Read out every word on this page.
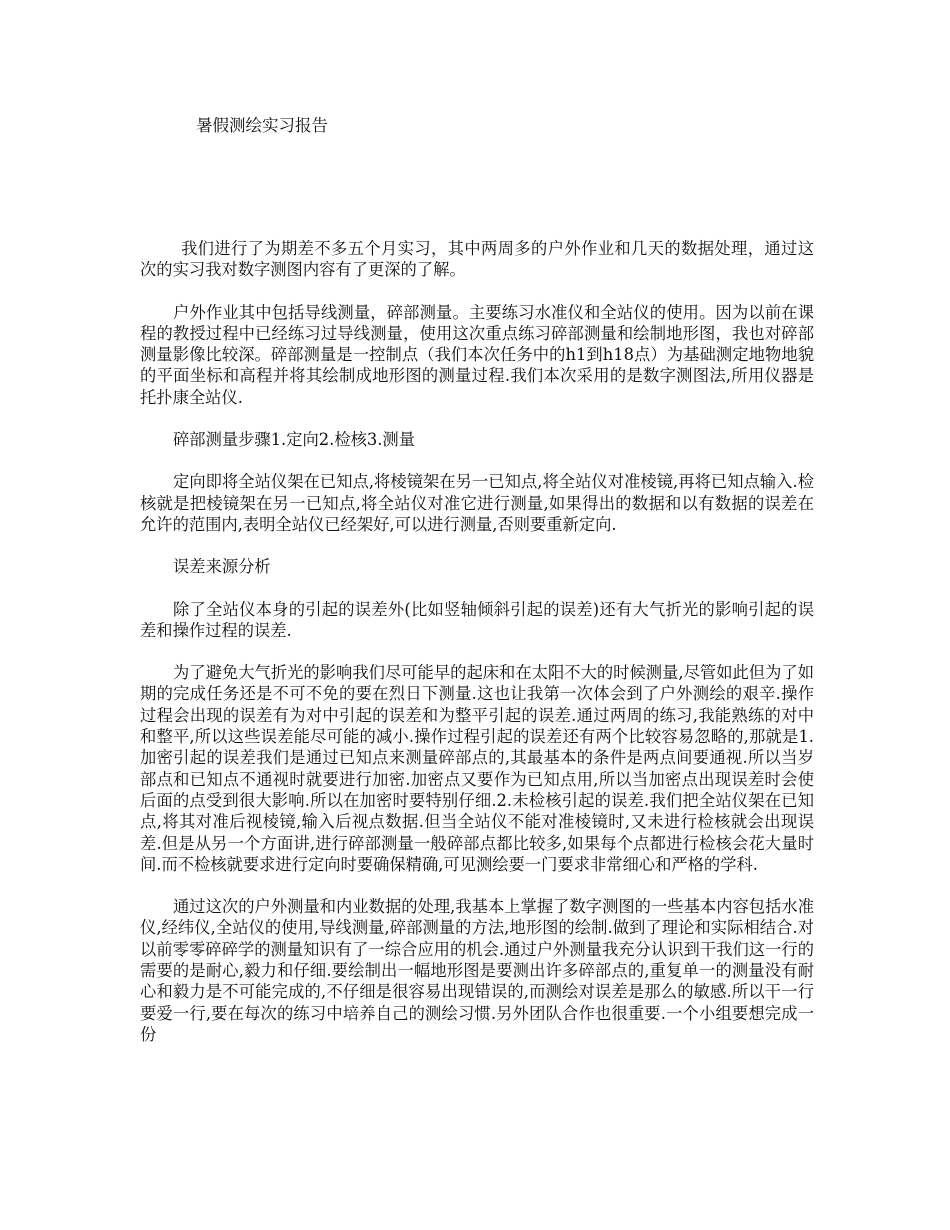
暑假测绘实习报告

我们进行了为期差不多五个月实习，其中两周多的户外作业和几天的数据处理，通过这次的实习我对数字测图内容有了更深的了解。

户外作业其中包括导线测量，碎部测量。主要练习水准仪和全站仪的使用。因为以前在课程的教授过程中已经练习过导线测量，使用这次重点练习碎部测量和绘制地形图，我也对碎部测量影像比较深。碎部测量是一控制点（我们本次任务中的h1到h18点）为基础测定地物地貌的平面坐标和高程并将其绘制成地形图的测量过程.我们本次采用的是数字测图法,所用仪器是托扑康全站仪.

碎部测量步骤1.定向2.检核3.测量

定向即将全站仪架在已知点,将棱镜架在另一已知点,将全站仪对准棱镜,再将已知点输入.检核就是把棱镜架在另一已知点,将全站仪对准它进行测量,如果得出的数据和以有数据的误差在允许的范围内,表明全站仪已经架好,可以进行测量,否则要重新定向.

误差来源分析

除了全站仪本身的引起的误差外(比如竖轴倾斜引起的误差)还有大气折光的影响引起的误差和操作过程的误差.

为了避免大气折光的影响我们尽可能早的起床和在太阳不大的时候测量,尽管如此但为了如期的完成任务还是不可不免的要在烈日下测量.这也让我第一次体会到了户外测绘的艰辛.操作过程会出现的误差有为对中引起的误差和为整平引起的误差.通过两周的练习,我能熟练的对中和整平,所以这些误差能尽可能的减小.操作过程引起的误差还有两个比较容易忽略的,那就是1.加密引起的误差我们是通过已知点来测量碎部点的,其最基本的条件是两点间要通视.所以当岁部点和已知点不通视时就要进行加密.加密点又要作为已知点用,所以当加密点出现误差时会使后面的点受到很大影响.所以在加密时要特别仔细.2.未检核引起的误差.我们把全站仪架在已知点,将其对准后视棱镜,输入后视点数据.但当全站仪不能对准棱镜时,又未进行检核就会出现误差.但是从另一个方面讲,进行碎部测量一般碎部点都比较多,如果每个点都进行检核会花大量时间.而不检核就要求进行定向时要确保精确,可见测绘要一门要求非常细心和严格的学科.

通过这次的户外测量和内业数据的处理,我基本上掌握了数字测图的一些基本内容包括水准仪,经纬仪,全站仪的使用,导线测量,碎部测量的方法,地形图的绘制.做到了理论和实际相结合.对以前零零碎碎学的测量知识有了一综合应用的机会.通过户外测量我充分认识到干我们这一行的需要的是耐心,毅力和仔细.要绘制出一幅地形图是要测出许多碎部点的,重复单一的测量没有耐心和毅力是不可能完成的,不仔细是很容易出现错误的,而测绘对误差是那么的敏感.所以干一行要爱一行,要在每次的练习中培养自己的测绘习惯.另外团队合作也很重要.一个小组要想完成一份
